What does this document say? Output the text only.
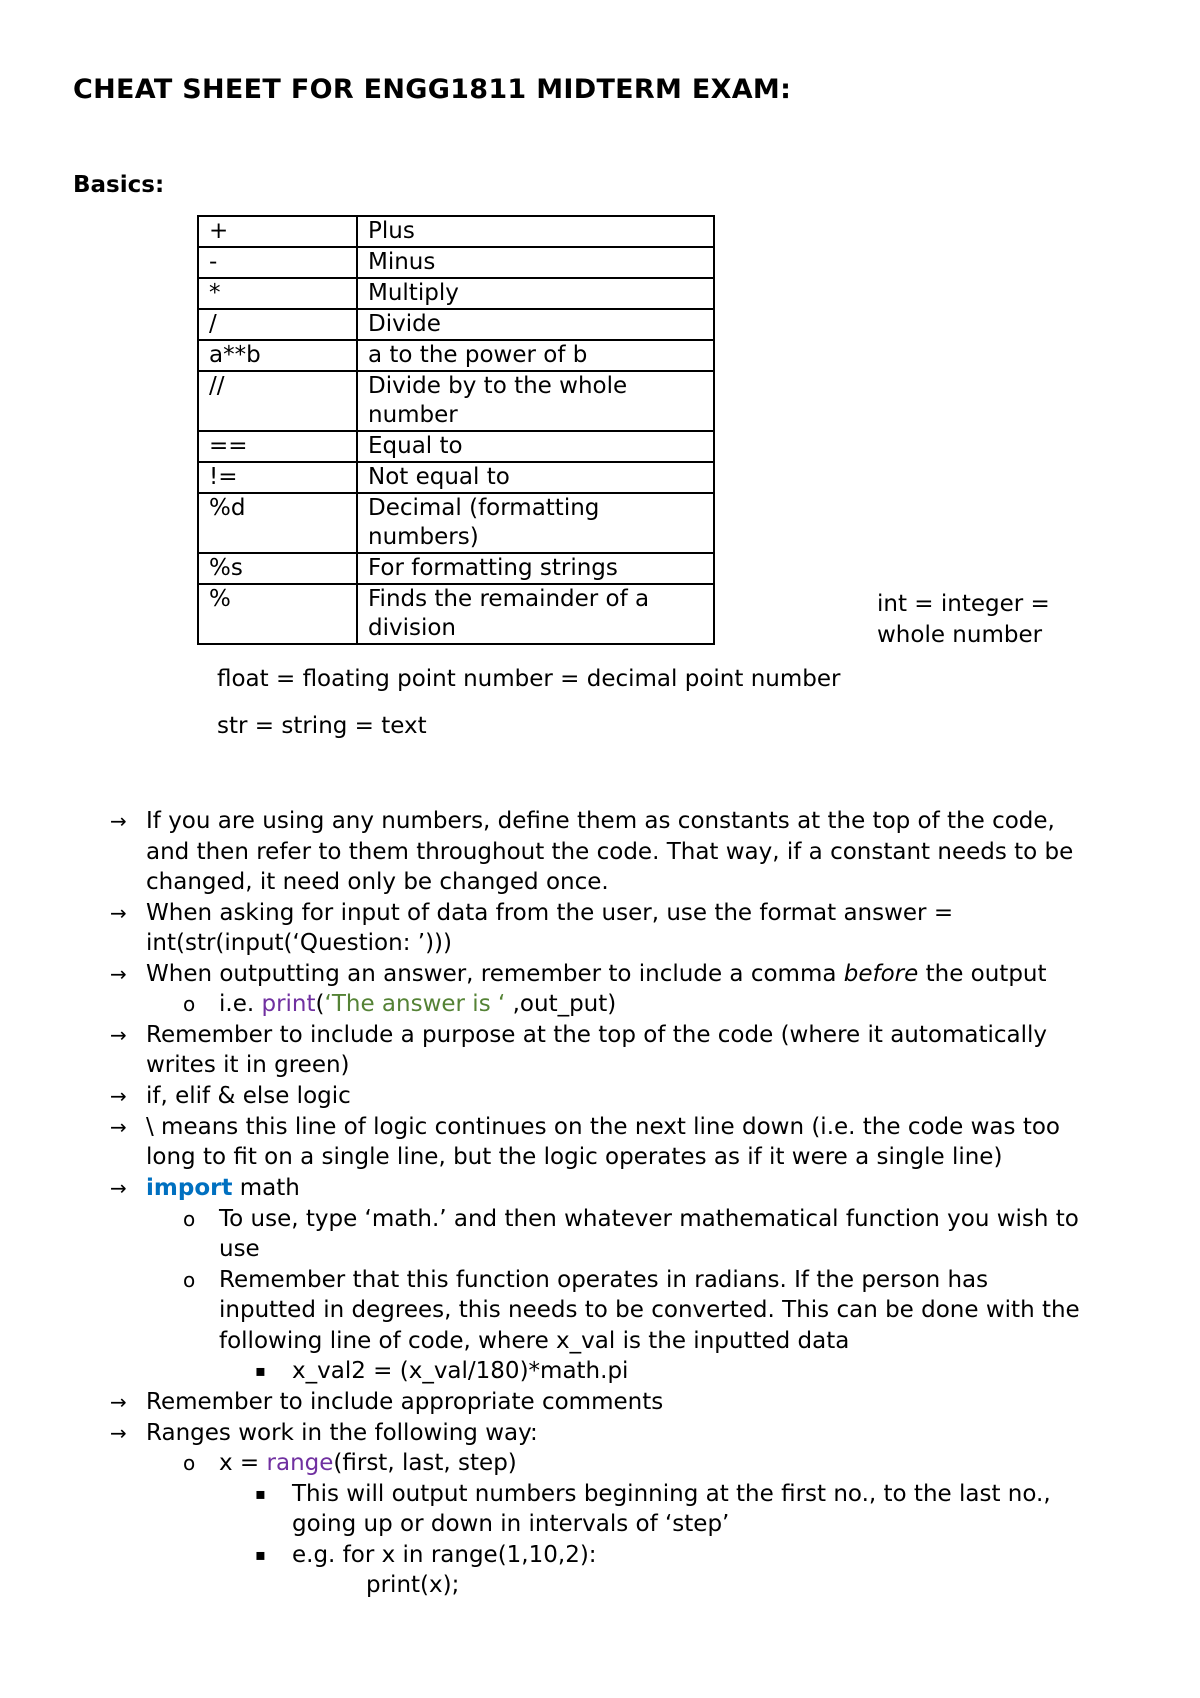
CHEAT SHEET FOR ENGG1811 MIDTERM EXAM:
Basics:
+	Plus
-	Minus
*	Multiply
/	Divide
a**b	a to the power of b
//	Divide by to the whole number
==	Equal to
!=	Not equal to
%d	Decimal (formatting numbers)
%s	For formatting strings
%	Finds the remainder of a division
int = integer = whole number
float = floating point number = decimal point number
str = string = text
→ If you are using any numbers, define them as constants at the top of the code,
and then refer to them throughout the code. That way, if a constant needs to be
changed, it need only be changed once.
→ When asking for input of data from the user, use the format answer =
int(str(input(‘Question: ’)))
→ When outputting an answer, remember to include a comma before the output
o i.e. print(‘The answer is ‘ ,out_put)
→ Remember to include a purpose at the top of the code (where it automatically
writes it in green)
→ if, elif & else logic
→ \ means this line of logic continues on the next line down (i.e. the code was too
long to fit on a single line, but the logic operates as if it were a single line)
→ import math
o To use, type ‘math.’ and then whatever mathematical function you wish to
use
o Remember that this function operates in radians. If the person has
inputted in degrees, this needs to be converted. This can be done with the
following line of code, where x_val is the inputted data
▪ x_val2 = (x_val/180)*math.pi
→ Remember to include appropriate comments
→ Ranges work in the following way:
o x = range(first, last, step)
▪ This will output numbers beginning at the first no., to the last no.,
going up or down in intervals of ‘step’
▪ e.g. for x in range(1,10,2):
print(x);
